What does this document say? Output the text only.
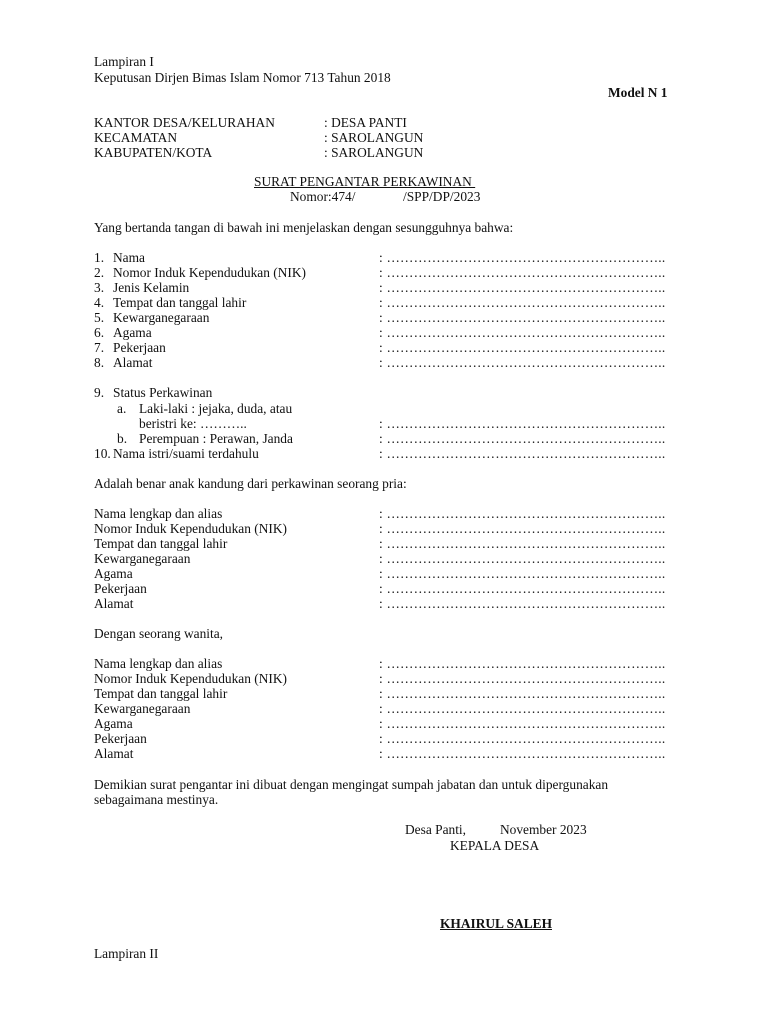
Lampiran I
Keputusan Dirjen Bimas Islam Nomor 713 Tahun 2018
Model N 1
KANTOR DESA/KELURAHAN	: DESA PANTI
KECAMATAN	: SAROLANGUN
KABUPATEN/KOTA	: SAROLANGUN
SURAT PENGANTAR PERKAWINAN
Nomor:474/	/SPP/DP/2023
Yang bertanda tangan di bawah ini menjelaskan dengan sesungguhnya bahwa:
1. Nama	: ……………………………………………………..
2. Nomor Induk Kependudukan (NIK)	: ……………………………………………………..
3. Jenis Kelamin	: ……………………………………………………..
4. Tempat dan tanggal lahir	: ……………………………………………………..
5. Kewarganegaraan	: ……………………………………………………..
6. Agama	: ……………………………………………………..
7. Pekerjaan	: ……………………………………………………..
8. Alamat	: ……………………………………………………..
9. Status Perkawinan
a. Laki-laki : jejaka, duda, atau
beristri ke: ………..	: ……………………………………………………..
b. Perempuan : Perawan, Janda	: ……………………………………………………..
10. Nama istri/suami terdahulu	: ……………………………………………………..
Adalah benar anak kandung dari perkawinan seorang pria:
Nama lengkap dan alias	: ……………………………………………………..
Nomor Induk Kependudukan (NIK)	: ……………………………………………………..
Tempat dan tanggal lahir	: ……………………………………………………..
Kewarganegaraan	: ……………………………………………………..
Agama	: ……………………………………………………..
Pekerjaan	: ……………………………………………………..
Alamat	: ……………………………………………………..
Dengan seorang wanita,
Nama lengkap dan alias	: ……………………………………………………..
Nomor Induk Kependudukan (NIK)	: ……………………………………………………..
Tempat dan tanggal lahir	: ……………………………………………………..
Kewarganegaraan	: ……………………………………………………..
Agama	: ……………………………………………………..
Pekerjaan	: ……………………………………………………..
Alamat	: ……………………………………………………..
Demikian surat pengantar ini dibuat dengan mengingat sumpah jabatan dan untuk dipergunakan
sebagaimana mestinya.
Desa Panti,	November 2023
KEPALA DESA
KHAIRUL SALEH
Lampiran II
